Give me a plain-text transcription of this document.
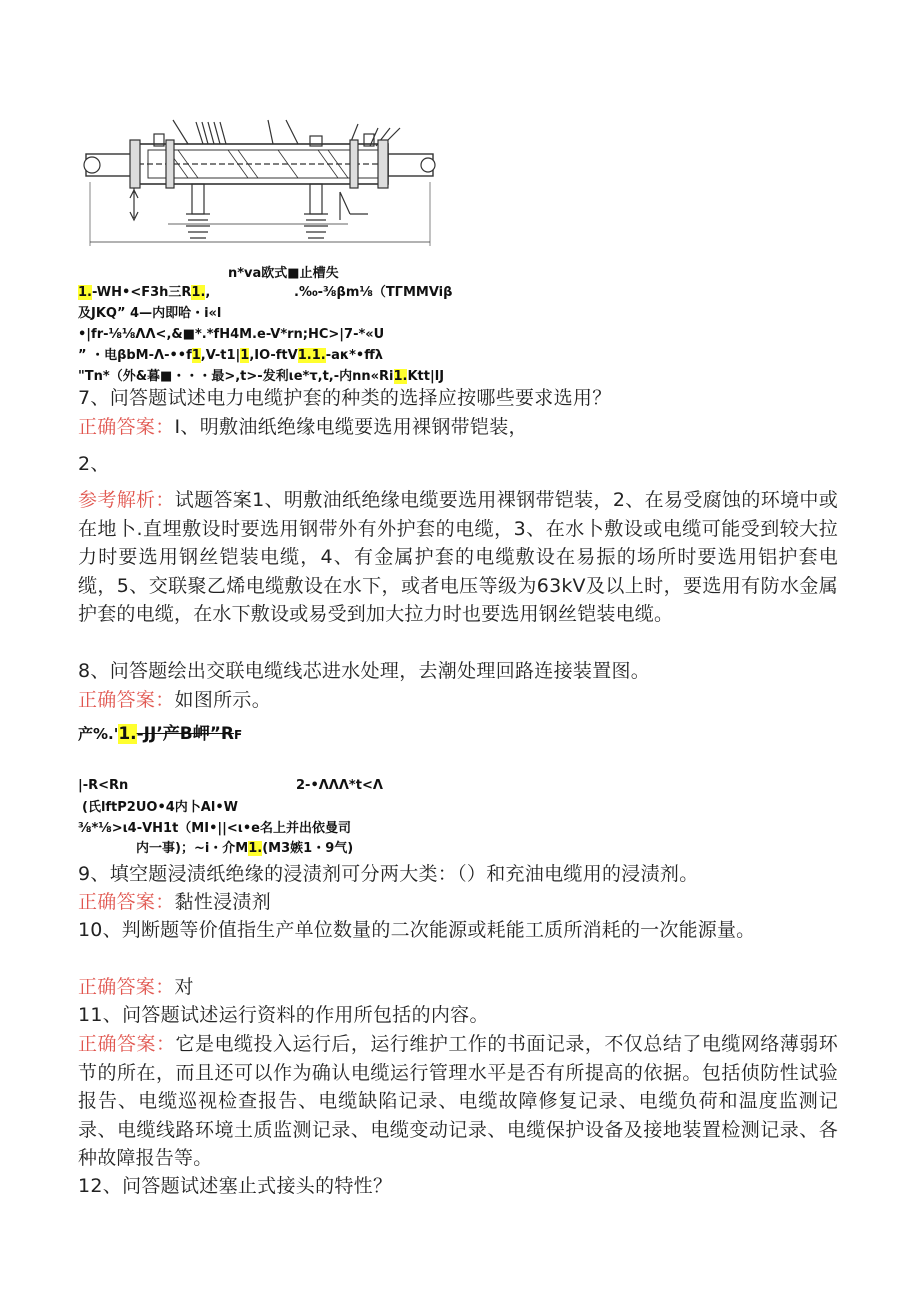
n*va欧式■止槽失
1.-WH•<F3h三R1.,	.‰-⅜βm⅛（TΓMMViβ
及JKQ” 4—内即哈・i«l
•|fr-⅛⅛ΛΛ<,&■*.*fH4M.e-V*rn;HC>|7-*«U
” ・电βbM-Λ-••f1,V-t1|1,IO-ftV1.1.-aκ*•ffλ
"Tn*（外&暮■・・・最>,t>-发利ιe*τ,t,-内nn«Ri1.Ktt|lJ
7、问答题试述电力电缆护套的种类的选择应按哪些要求选用？
正确答案：I、明敷油纸绝缘电缆要选用裸钢带铠装，
2、
参考解析：试题答案1、明敷油纸绝缘电缆要选用裸钢带铠装，2、在易受腐蚀的环境中或在地卜.直埋敷设时要选用钢带外有外护套的电缆，3、在水卜敷设或电缆可能受到较大拉力时要选用钢丝铠装电缆，4、有金属护套的电缆敷设在易振的场所时要选用铝护套电缆，5、交联聚乙烯电缆敷设在水下，或者电压等级为63kV及以上时，要选用有防水金属护套的电缆，在水下敷设或易受到加大拉力时也要选用钢丝铠装电缆。
8、问答题绘出交联电缆线芯进水处理，去潮处理回路连接装置图。
正确答案：如图所示。
产%.'1.-JJ’产B岬”RF
|-R<Rn	2-•ΛΛΛ*t<Λ
(氏lftP2UO•4内卜Al•W
⅜*⅛>ι4-VH1t（MI•||<ι•e名上并出依曼司
内一事)；~i・介M1.(M3嫉1・9气)
9、填空题浸渍纸绝缘的浸渍剂可分两大类：（）和充油电缆用的浸渍剂。
正确答案：黏性浸渍剂
10、判断题等价值指生产单位数量的二次能源或耗能工质所消耗的一次能源量。
正确答案：对
11、问答题试述运行资料的作用所包括的内容。
正确答案：它是电缆投入运行后，运行维护工作的书面记录，不仅总结了电缆网络薄弱环节的所在，而且还可以作为确认电缆运行管理水平是否有所提高的依据。包括侦防性试验报告、电缆巡视检查报告、电缆缺陷记录、电缆故障修复记录、电缆负荷和温度监测记录、电缆线路环境土质监测记录、电缆变动记录、电缆保护设备及接地装置检测记录、各种故障报告等。
12、问答题试述塞止式接头的特性？
